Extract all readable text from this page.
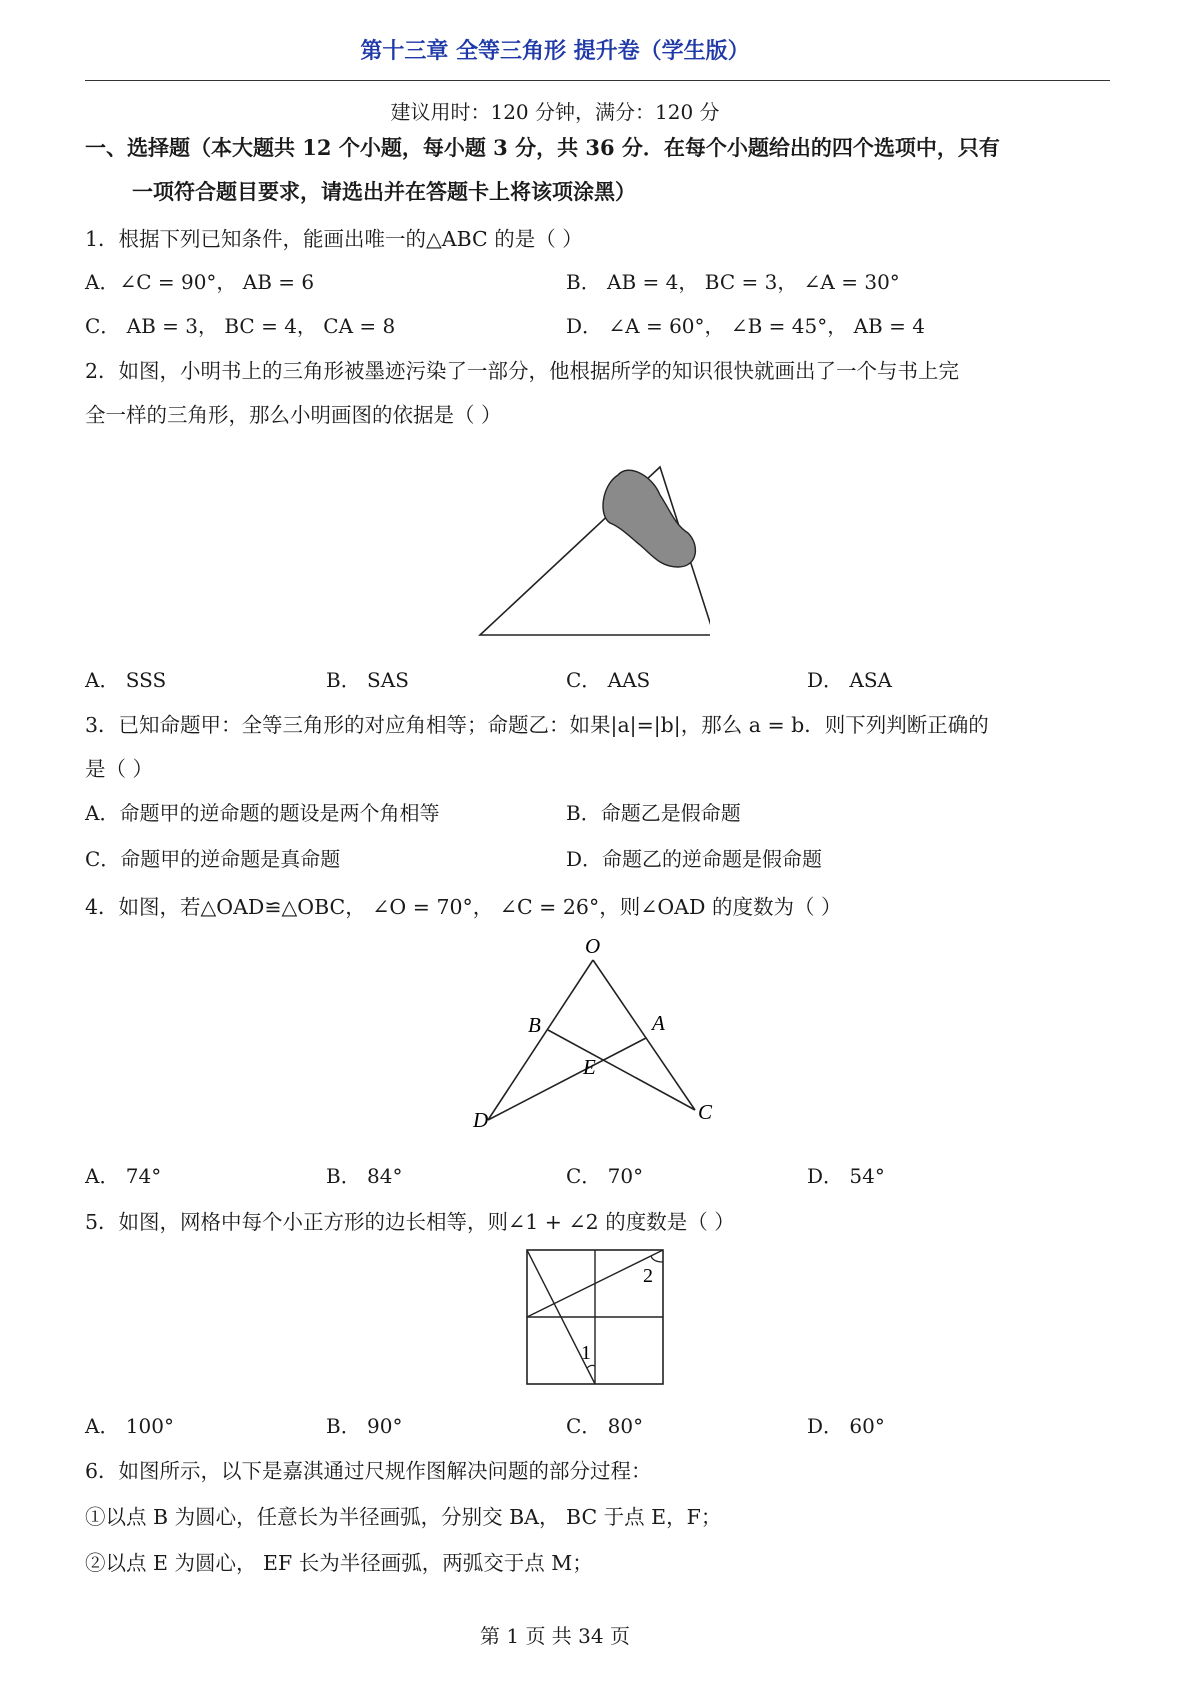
第十三章 全等三角形 提升卷（学生版）
建议用时：120 分钟，满分：120 分
一、选择题（本大题共 12 个小题，每小题 3 分，共 36 分．在每个小题给出的四个选项中，只有
一项符合题目要求，请选出并在答题卡上将该项涂黑）
1．根据下列已知条件，能画出唯一的△ABC 的是（ ）
A．∠C = 90°， AB = 6	B． AB = 4， BC = 3， ∠A = 30°
C． AB = 3， BC = 4， CA = 8	D． ∠A = 60°， ∠B = 45°， AB = 4
2．如图，小明书上的三角形被墨迹污染了一部分，他根据所学的知识很快就画出了一个与书上完
全一样的三角形，那么小明画图的依据是（ ）
A． SSS	B． SAS	C． AAS	D． ASA
3．已知命题甲：全等三角形的对应角相等；命题乙：如果|a|=|b|，那么 a = b．则下列判断正确的
是（ ）
A．命题甲的逆命题的题设是两个角相等	B．命题乙是假命题
C．命题甲的逆命题是真命题	D．命题乙的逆命题是假命题
4．如图，若△OAD≌△OBC， ∠O = 70°， ∠C = 26°，则∠OAD 的度数为（ ）
O
B	A
E
D	C
A． 74°	B． 84°	C． 70°	D． 54°
5．如图，网格中每个小正方形的边长相等，则∠1 + ∠2 的度数是（ ）
1
2
A． 100°	B． 90°	C． 80°	D． 60°
6．如图所示，以下是嘉淇通过尺规作图解决问题的部分过程：
①以点 B 为圆心，任意长为半径画弧，分别交 BA， BC 于点 E，F；
②以点 E 为圆心， EF 长为半径画弧，两弧交于点 M；
第 1 页 共 34 页
